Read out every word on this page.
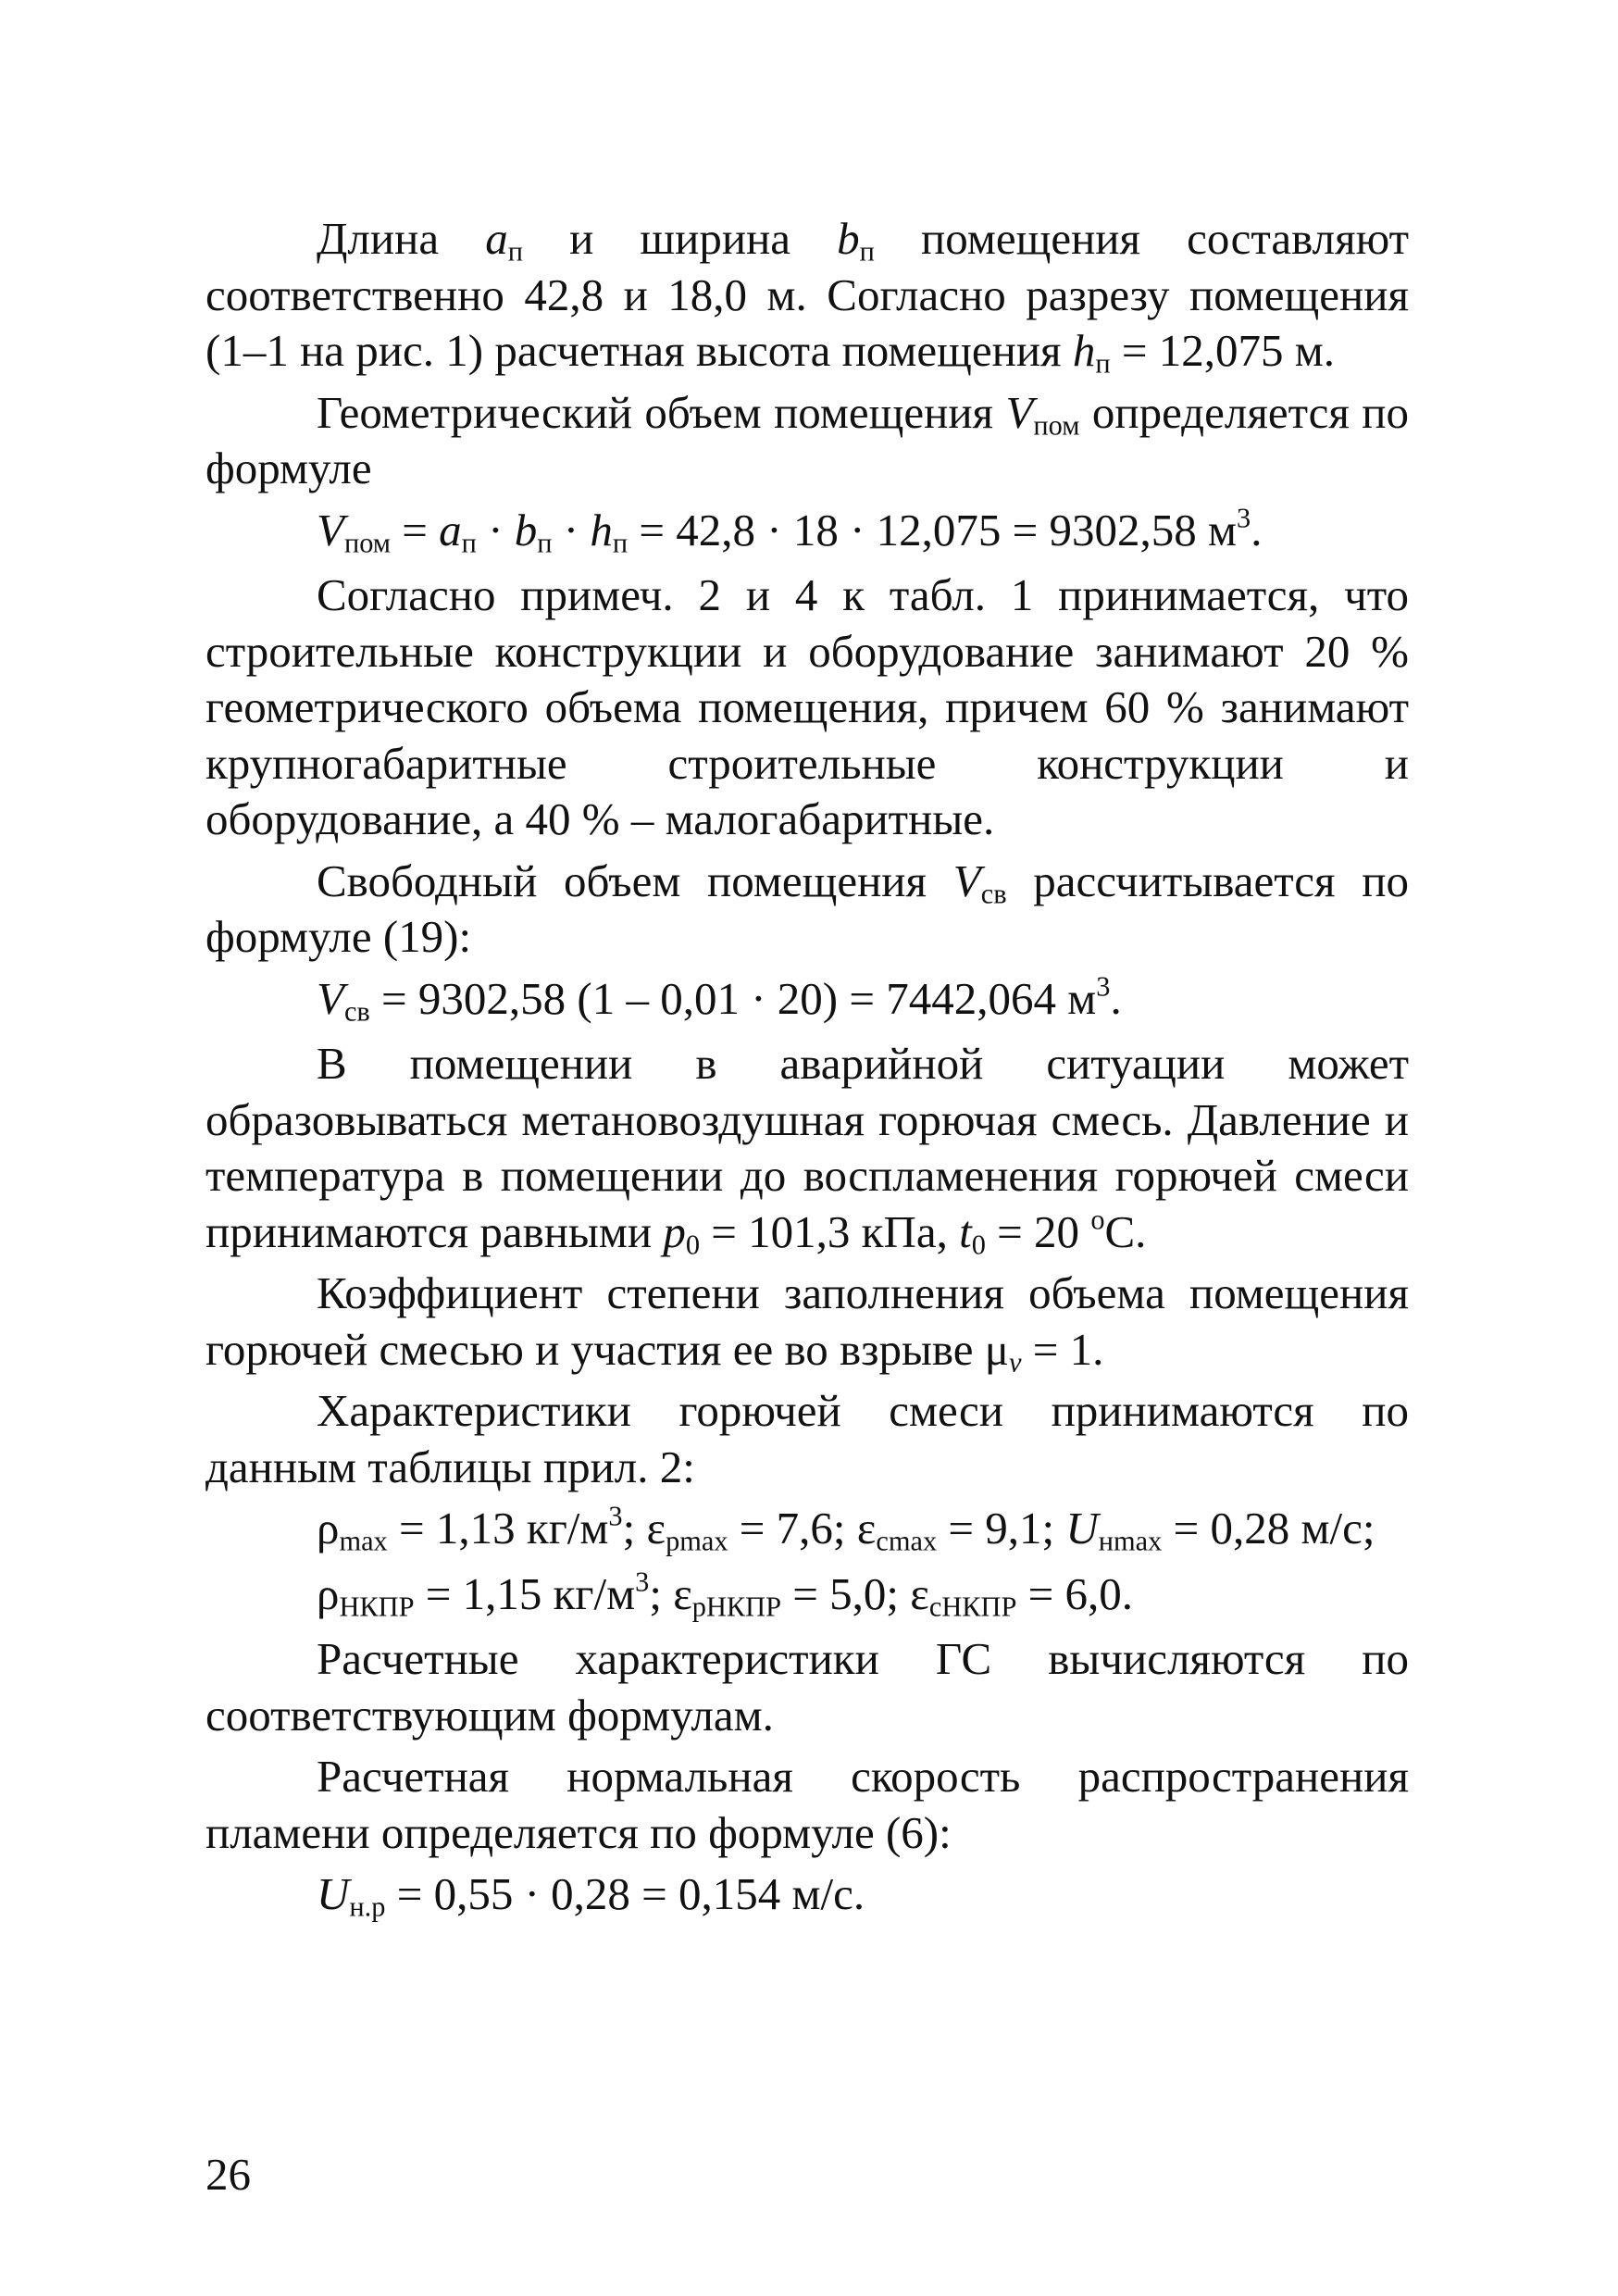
Длина $a_п$ и ширина $b_п$ помещения составляют соответственно 42,8 и 18,0 м. Согласно разрезу помещения (1–1 на рис. 1) расчетная высота помещения $h_п = 12,075$ м.

Геометрический объем помещения $V_{пом}$ определяется по формуле

$V_{пом} = a_п \cdot b_п \cdot h_п = 42,8 \cdot 18 \cdot 12,075 = 9302,58$ $м^3$.

Согласно примеч. 2 и 4 к табл. 1 принимается, что строительные конструкции и оборудование занимают 20 % геометрического объема помещения, причем 60 % занимают крупногабаритные строительные конструкции и оборудование, а 40 % – малогабаритные.

Свободный объем помещения $V_{св}$ рассчитывается по формуле (19):

$V_{св} = 9302,58$ (1 – 0,01 · 20) = 7442,064 $м^3$.

В помещении в аварийной ситуации может образовываться метановоздушная горючая смесь. Давление и температура в помещении до воспламенения горючей смеси принимаются равными $p_0 = 101,3$ кПа, $t_0 = 20$ $^o$С.

Коэффициент степени заполнения объема помещения горючей смесью и участия ее во взрыве $\mu_v = 1$.

Характеристики горючей смеси принимаются по данным таблицы прил. 2:

$\rho_{max} = 1,13$ $кг/м^3$; $\varepsilon_{pmax} = 7,6$; $\varepsilon_{cmax} = 9,1$; $U_{нmax} = 0,28$ м/с;
$\rho_{НКПР} = 1,15$ $кг/м^3$; $\varepsilon_{pНКПР} = 5,0$; $\varepsilon_{cНКПР} = 6,0$.

Расчетные характеристики ГС вычисляются по соответствующим формулам.

Расчетная нормальная скорость распространения пламени определяется по формуле (6):

$U_{н.р} = 0,55 \cdot 0,28 = 0,154$ м/с.
26
